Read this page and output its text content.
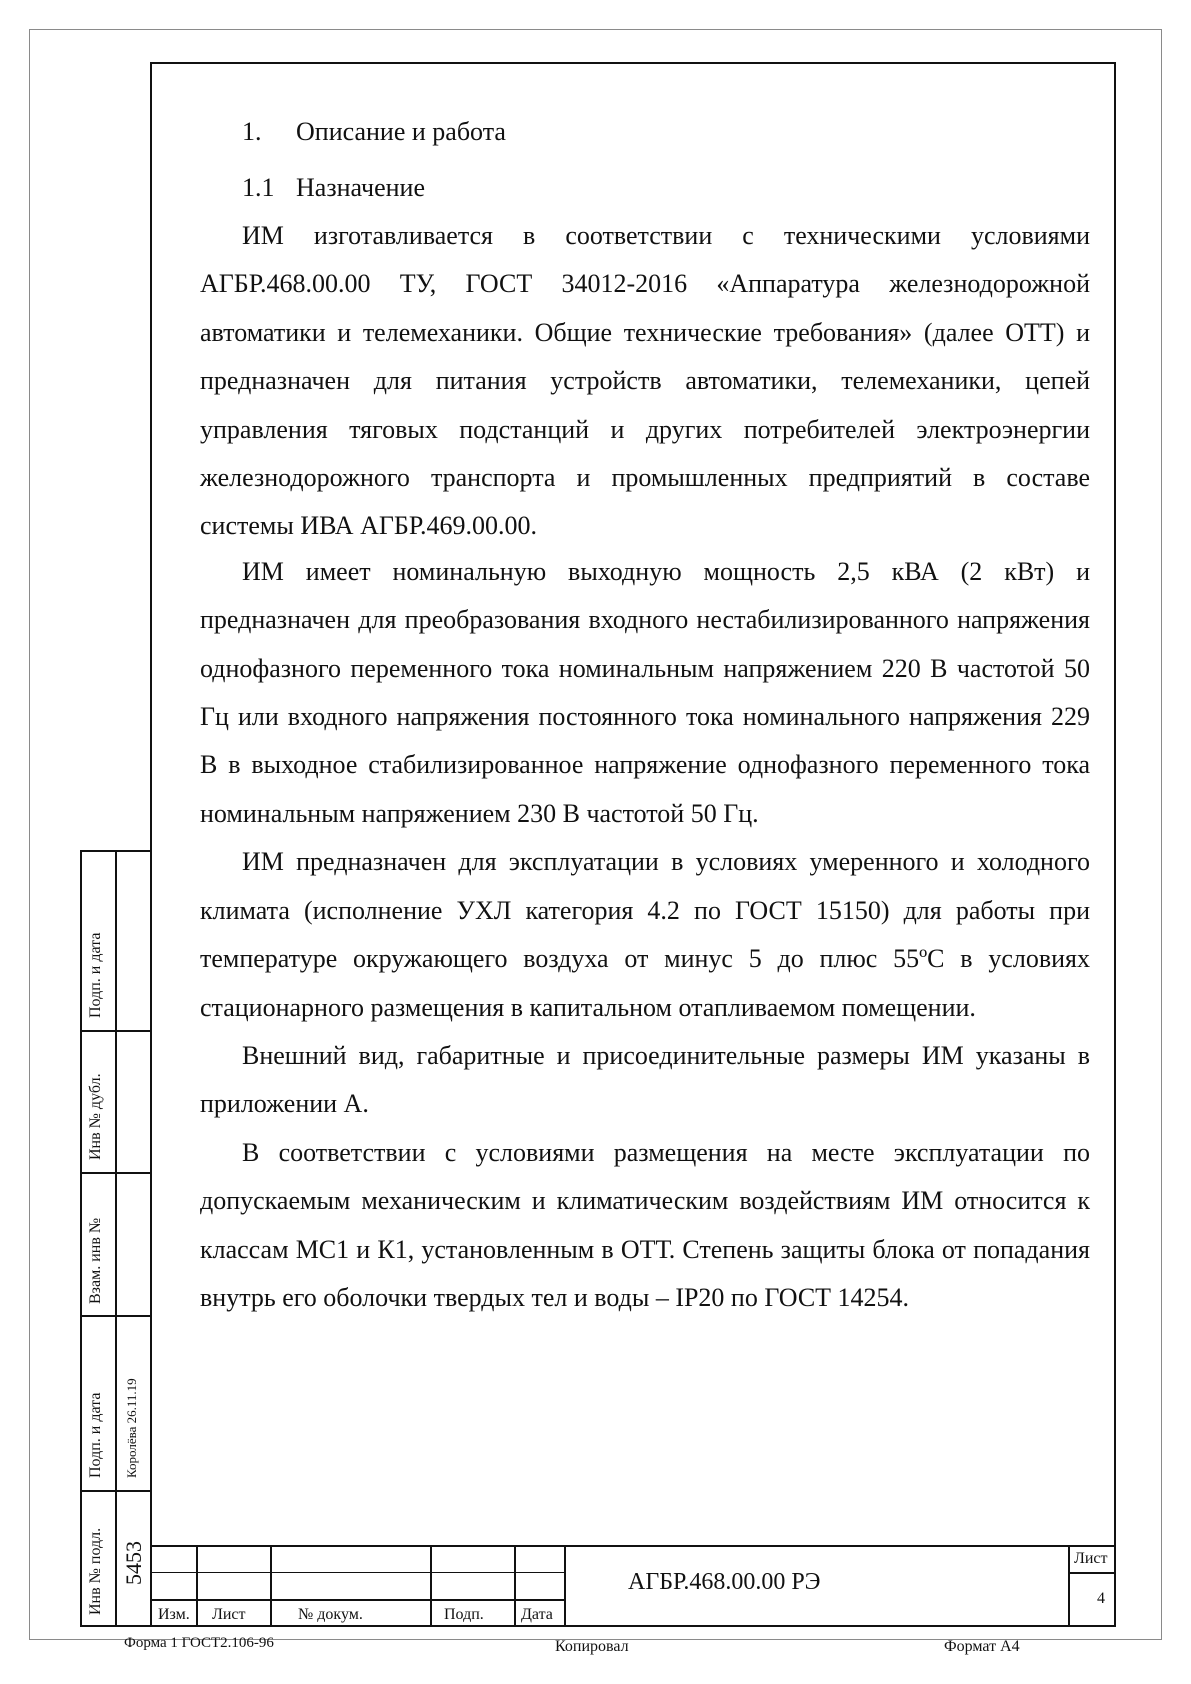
1. Описание и работа

1.1 Назначение

ИМ изготавливается в соответствии с техническими условиями АГБР.468.00.00 ТУ, ГОСТ 34012-2016 «Аппаратура железнодорожной автоматики и телемеханики. Общие технические требования» (далее ОТТ) и предназначен для питания устройств автоматики, телемеханики, цепей управления тяговых подстанций и других потребителей электроэнергии железнодорожного транспорта и промышленных предприятий в составе системы ИВА АГБР.469.00.00.

ИМ имеет номинальную выходную мощность 2,5 кВА (2 кВт) и предназначен для преобразования входного нестабилизированного напряжения однофазного переменного тока номинальным напряжением 220 В частотой 50 Гц или входного напряжения постоянного тока номинального напряжения 229 В в выходное стабилизированное напряжение однофазного переменного тока номинальным напряжением 230 В частотой 50 Гц.

ИМ предназначен для эксплуатации в условиях умеренного и холодного климата (исполнение УХЛ категория 4.2 по ГОСТ 15150) для работы при температуре окружающего воздуха от минус 5 до плюс 55ºС в условиях стационарного размещения в капитальном отапливаемом помещении.

Внешний вид, габаритные и присоединительные размеры ИМ указаны в приложении А.

В соответствии с условиями размещения на месте эксплуатации по допускаемым механическим и климатическим воздействиям ИМ относится к классам МС1 и К1, установленным в ОТТ. Степень защиты блока от попадания внутрь его оболочки твердых тел и воды – IP20 по ГОСТ 14254.

Подп. и дата
Инв № дубл.
Взам. инв №
Подп. и дата Королёва 26.11.19
Инв № подл. 5453
Изм. Лист	№ докум.	Подп. Дата
АГБР.468.00.00 РЭ
Лист
4
Форма 1 ГОСТ2.106-96	Копировал	Формат А4
